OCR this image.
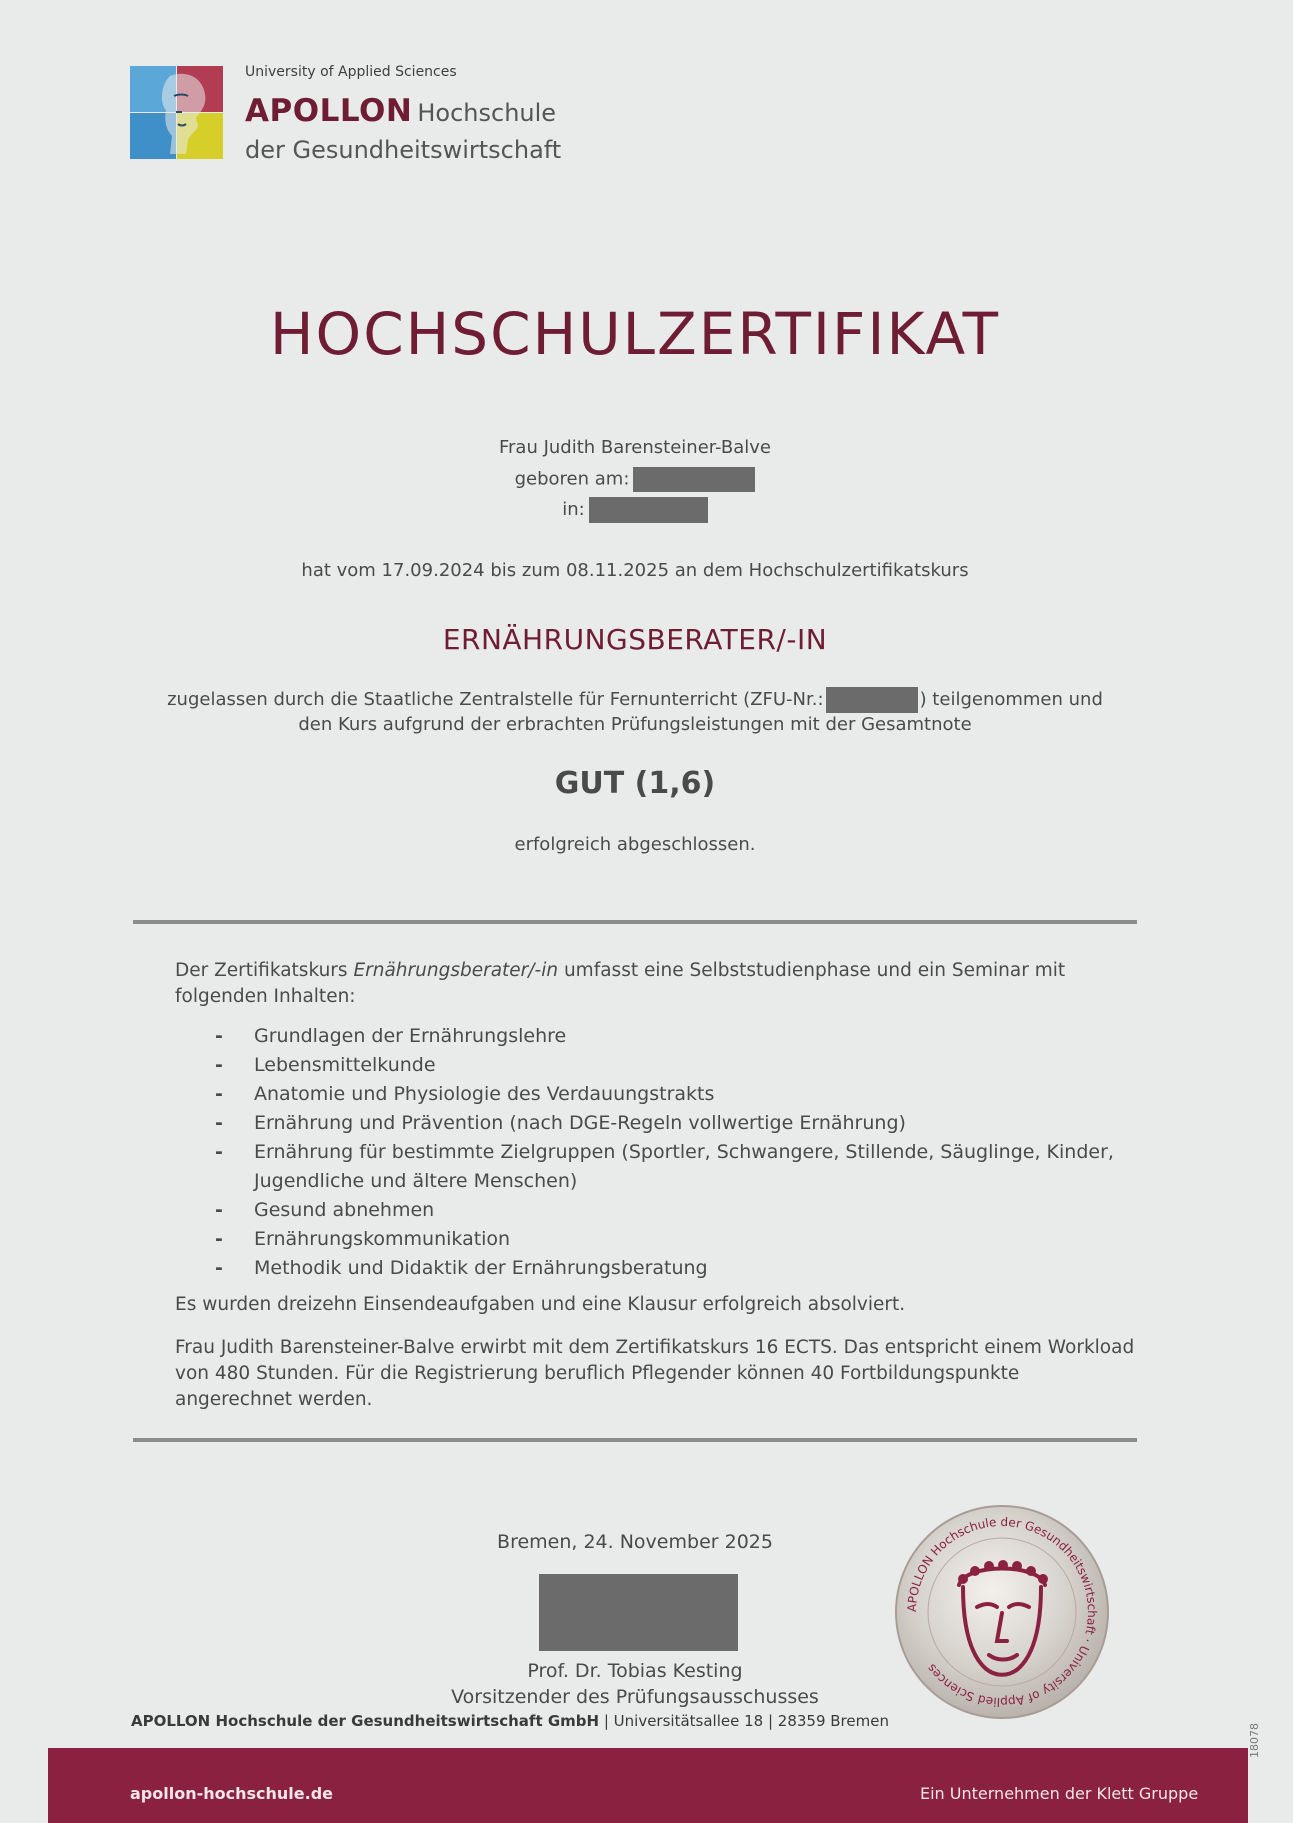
University of Applied Sciences
APOLLON Hochschule
der Gesundheitswirtschaft
HOCHSCHULZERTIFIKAT
Frau Judith Barensteiner-Balve
geboren am:
in:
hat vom 17.09.2024 bis zum 08.11.2025 an dem Hochschulzertifikatskurs
ERNÄHRUNGSBERATER/-IN
zugelassen durch die Staatliche Zentralstelle für Fernunterricht (ZFU-Nr.:	) teilgenommen und
den Kurs aufgrund der erbrachten Prüfungsleistungen mit der Gesamtnote
GUT (1,6)
erfolgreich abgeschlossen.
Der Zertifikatskurs Ernährungsberater/-in umfasst eine Selbststudienphase und ein Seminar mit folgenden Inhalten:
- Grundlagen der Ernährungslehre
- Lebensmittelkunde
- Anatomie und Physiologie des Verdauungstrakts
- Ernährung und Prävention (nach DGE-Regeln vollwertige Ernährung)
- Ernährung für bestimmte Zielgruppen (Sportler, Schwangere, Stillende, Säuglinge, Kinder, Jugendliche und ältere Menschen)
- Gesund abnehmen
- Ernährungskommunikation
- Methodik und Didaktik der Ernährungsberatung
Es wurden dreizehn Einsendeaufgaben und eine Klausur erfolgreich absolviert.
Frau Judith Barensteiner-Balve erwirbt mit dem Zertifikatskurs 16 ECTS. Das entspricht einem Workload von 480 Stunden. Für die Registrierung beruflich Pflegender können 40 Fortbildungspunkte angerechnet werden.
Bremen, 24. November 2025
Prof. Dr. Tobias Kesting
Vorsitzender des Prüfungsausschusses
APOLLON Hochschule der Gesundheitswirtschaft · University of Applied Sciences
APOLLON Hochschule der Gesundheitswirtschaft GmbH | Universitätsallee 18 | 28359 Bremen
apollon-hochschule.de	Ein Unternehmen der Klett Gruppe
18078
